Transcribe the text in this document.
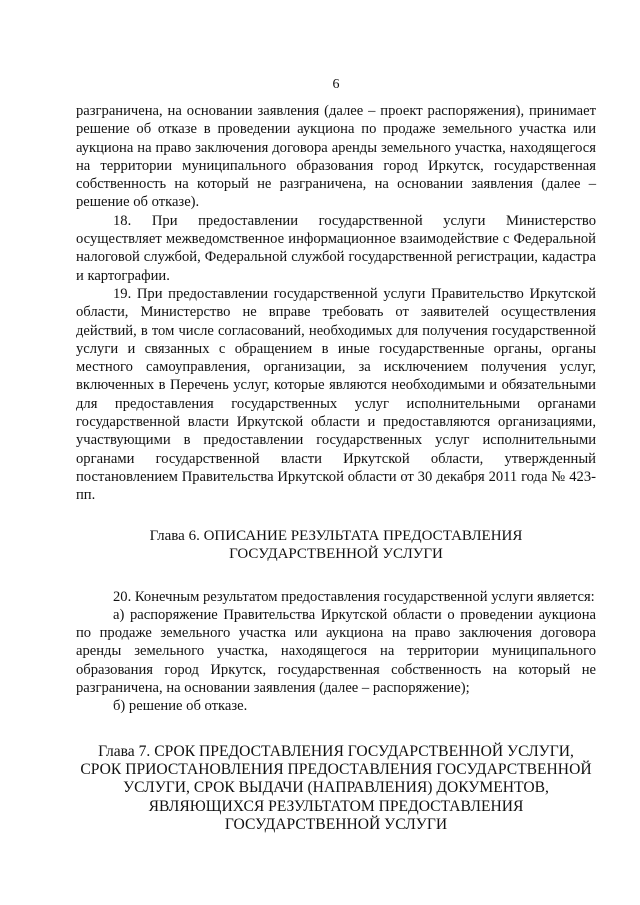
6

разграничена, на основании заявления (далее – проект распоряжения), принимает решение об отказе в проведении аукциона по продаже земельного участка или аукциона на право заключения договора аренды земельного участка, находящегося на территории муниципального образования город Иркутск, государственная собственность на который не разграничена, на основании заявления (далее – решение об отказе).

18. При предоставлении государственной услуги Министерство осуществляет межведомственное информационное взаимодействие с Федеральной налоговой службой, Федеральной службой государственной регистрации, кадастра и картографии.

19. При предоставлении государственной услуги Правительство Иркутской области, Министерство не вправе требовать от заявителей осуществления действий, в том числе согласований, необходимых для получения государственной услуги и связанных с обращением в иные государственные органы, органы местного самоуправления, организации, за исключением получения услуг, включенных в Перечень услуг, которые являются необходимыми и обязательными для предоставления государственных услуг исполнительными органами государственной власти Иркутской области и предоставляются организациями, участвующими в предоставлении государственных услуг исполнительными органами государственной власти Иркутской области, утвержденный постановлением Правительства Иркутской области от 30 декабря 2011 года № 423-пп.

Глава 6. ОПИСАНИЕ РЕЗУЛЬТАТА ПРЕДОСТАВЛЕНИЯ
ГОСУДАРСТВЕННОЙ УСЛУГИ

20. Конечным результатом предоставления государственной услуги является:

а) распоряжение Правительства Иркутской области о проведении аукциона по продаже земельного участка или аукциона на право заключения договора аренды земельного участка, находящегося на территории муниципального образования город Иркутск, государственная собственность на который не разграничена, на основании заявления (далее – распоряжение);

б) решение об отказе.

Глава 7. СРОК ПРЕДОСТАВЛЕНИЯ ГОСУДАРСТВЕННОЙ УСЛУГИ,
СРОК ПРИОСТАНОВЛЕНИЯ ПРЕДОСТАВЛЕНИЯ ГОСУДАРСТВЕННОЙ
УСЛУГИ, СРОК ВЫДАЧИ (НАПРАВЛЕНИЯ) ДОКУМЕНТОВ,
ЯВЛЯЮЩИХСЯ РЕЗУЛЬТАТОМ ПРЕДОСТАВЛЕНИЯ
ГОСУДАРСТВЕННОЙ УСЛУГИ
